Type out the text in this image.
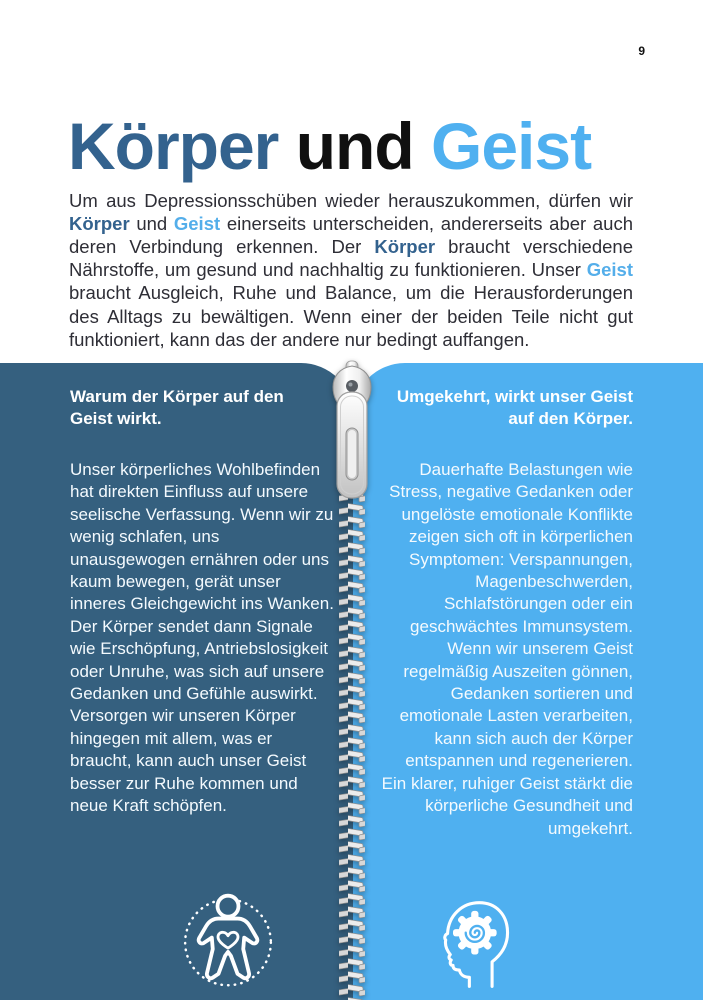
9
Körper und Geist

Um aus Depressionsschüben wieder herauszukommen, dürfen wir Körper und Geist einerseits unterscheiden, andererseits aber auch deren Verbindung erkennen. Der Körper braucht verschiedene Nährstoffe, um gesund und nachhaltig zu funktionieren. Unser Geist braucht Ausgleich, Ruhe und Balance, um die Herausforderungen des Alltags zu bewältigen. Wenn einer der beiden Teile nicht gut funktioniert, kann das der andere nur bedingt auffangen.

Warum der Körper auf den Geist wirkt.

Unser körperliches Wohlbefinden hat direkten Einfluss auf unsere seelische Verfassung. Wenn wir zu wenig schlafen, uns unausgewogen ernähren oder uns kaum bewegen, gerät unser inneres Gleichgewicht ins Wanken. Der Körper sendet dann Signale wie Erschöpfung, Antriebslosigkeit oder Unruhe, was sich auf unsere Gedanken und Gefühle auswirkt. Versorgen wir unseren Körper hingegen mit allem, was er braucht, kann auch unser Geist besser zur Ruhe kommen und neue Kraft schöpfen.

Umgekehrt, wirkt unser Geist auf den Körper.

Dauerhafte Belastungen wie Stress, negative Gedanken oder ungelöste emotionale Konflikte zeigen sich oft in körperlichen Symptomen: Verspannungen, Magenbeschwerden, Schlafstörungen oder ein geschwächtes Immunsystem. Wenn wir unserem Geist regelmäßig Auszeiten gönnen, Gedanken sortieren und emotionale Lasten verarbeiten, kann sich auch der Körper entspannen und regenerieren. Ein klarer, ruhiger Geist stärkt die körperliche Gesundheit und umgekehrt.
